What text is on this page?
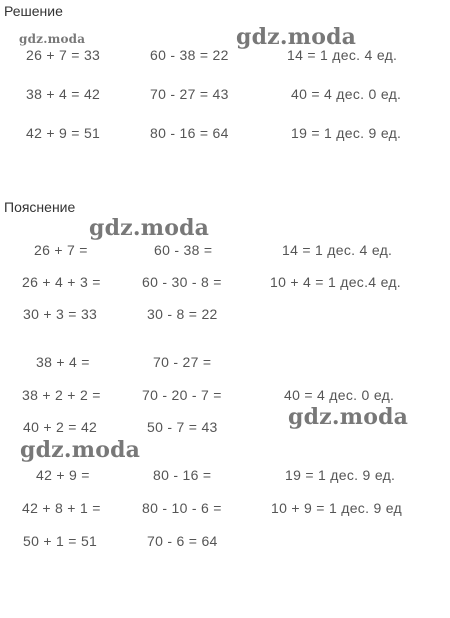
Решение
26 + 7 = 33	60 - 38 = 22	14 = 1 дес. 4 ед.
38 + 4 = 42	70 - 27 = 43	40 = 4 дес. 0 ед.
42 + 9 = 51	80 - 16 = 64	19 = 1 дес. 9 ед.
Пояснение
26 + 7 =	60 - 38 =	14 = 1 дес. 4 ед.
26 + 4 + 3 =	60 - 30 - 8 =	10 + 4 = 1 дес.4 ед.
30 + 3 = 33	30 - 8 = 22
38 + 4 =	70 - 27 =
38 + 2 + 2 =	70 - 20 - 7 =	40 = 4 дес. 0 ед.
40 + 2 = 42	50 - 7 = 43
42 + 9 =	80 - 16 =	19 = 1 дес. 9 ед.
42 + 8 + 1 =	80 - 10 - 6 =	10 + 9 = 1 дес. 9 ед
50 + 1 = 51	70 - 6 = 64
gdz.moda	gdz.moda
gdz.moda
gdz.moda
gdz.moda
